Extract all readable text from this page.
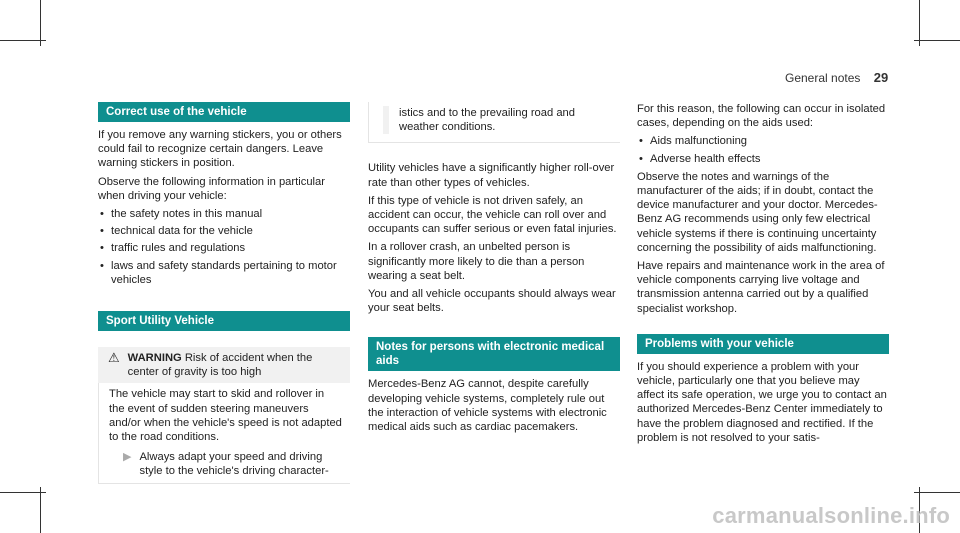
General notes 29
Correct use of the vehicle

If you remove any warning stickers, you or others could fail to recognize certain dangers. Leave warning stickers in position.

Observe the following information in particular when driving your vehicle:

• the safety notes in this manual
• technical data for the vehicle
• traffic rules and regulations
• laws and safety standards pertaining to motor vehicles
Sport Utility Vehicle
⚠ WARNING Risk of accident when the center of gravity is too high

The vehicle may start to skid and rollover in the event of sudden steering maneuvers and/or when the vehicle's speed is not adapted to the road conditions.

▶ Always adapt your speed and driving style to the vehicle's driving character-
istics and to the prevailing road and weather conditions.

Utility vehicles have a significantly higher roll-over rate than other types of vehicles.

If this type of vehicle is not driven safely, an accident can occur, the vehicle can roll over and occupants can suffer serious or even fatal injuries.

In a rollover crash, an unbelted person is significantly more likely to die than a person wearing a seat belt.

You and all vehicle occupants should always wear your seat belts.

Notes for persons with electronic medical aids

Mercedes-Benz AG cannot, despite carefully developing vehicle systems, completely rule out the interaction of vehicle systems with electronic medical aids such as cardiac pacemakers.

For this reason, the following can occur in isolated cases, depending on the aids used:

• Aids malfunctioning
• Adverse health effects

Observe the notes and warnings of the manufacturer of the aids; if in doubt, contact the device manufacturer and your doctor. Mercedes-Benz AG recommends using only few electrical vehicle systems if there is continuing uncertainty concerning the possibility of aids malfunctioning.

Have repairs and maintenance work in the area of vehicle components carrying live voltage and transmission antenna carried out by a qualified specialist workshop.

Problems with your vehicle

If you should experience a problem with your vehicle, particularly one that you believe may affect its safe operation, we urge you to contact an authorized Mercedes-Benz Center immediately to have the problem diagnosed and rectified. If the problem is not resolved to your satis-

carmanualsonline.info
